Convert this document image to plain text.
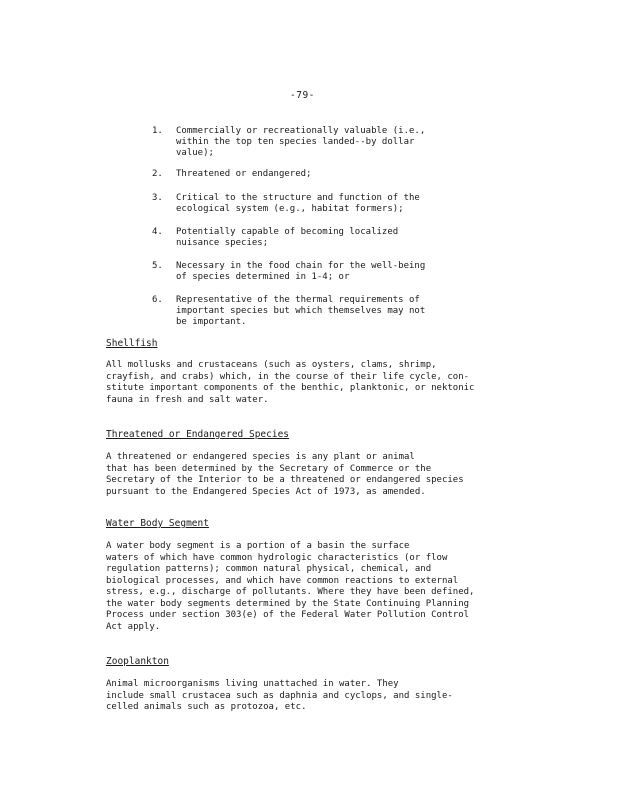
-79-
1. Commercially or recreationally valuable (i.e.,
within the top ten species landed--by dollar
value);
2. Threatened or endangered;
3. Critical to the structure and function of the
ecological system (e.g., habitat formers);
4. Potentially capable of becoming localized
nuisance species;
5. Necessary in the food chain for the well-being
of species determined in 1-4; or
6. Representative of the thermal requirements of
important species but which themselves may not
be important.
Shellfish
All mollusks and crustaceans (such as oysters, clams, shrimp,
crayfish, and crabs) which, in the course of their life cycle, con-
stitute important components of the benthic, planktonic, or nektonic
fauna in fresh and salt water.
Threatened or Endangered Species
A threatened or endangered species is any plant or animal
that has been determined by the Secretary of Commerce or the
Secretary of the Interior to be a threatened or endangered species
pursuant to the Endangered Species Act of 1973, as amended.
Water Body Segment
A water body segment is a portion of a basin the surface
waters of which have common hydrologic characteristics (or flow
regulation patterns); common natural physical, chemical, and
biological processes, and which have common reactions to external
stress, e.g., discharge of pollutants. Where they have been defined,
the water body segments determined by the State Continuing Planning
Process under section 303(e) of the Federal Water Pollution Control
Act apply.
Zooplankton
Animal microorganisms living unattached in water. They
include small crustacea such as daphnia and cyclops, and single-
celled animals such as protozoa, etc.
